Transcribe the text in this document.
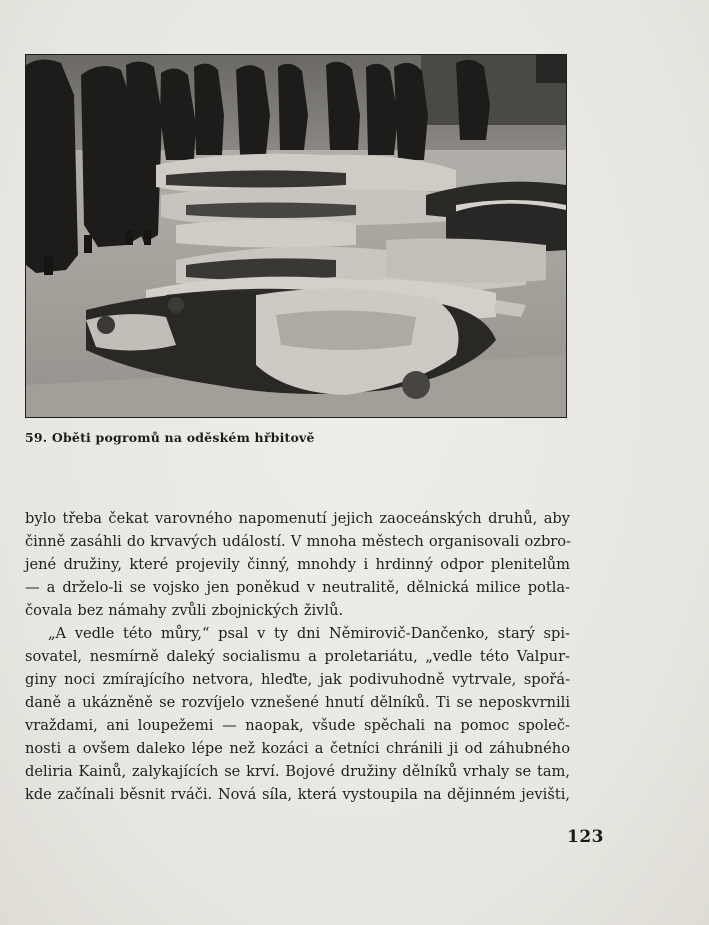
59. Oběti pogromů na oděském hřbitově

bylo třeba čekat varovného napomenutí jejich zaoceánských druhů, aby
činně zasáhli do krvavých událostí. V mnoha městech organisovali ozbro-
jené družiny, které projevily činný, mnohdy i hrdinný odpor plenitelům
— a drželo-li se vojsko jen poněkud v neutralitě, dělnická milice potla-
čovala bez námahy zvůli zbojnických živlů.

„A vedle této můry,“ psal v ty dni Němirovič-Dančenko, starý spi-
sovatel, nesmírně daleký socialismu a proletariátu, „vedle této Valpur-
giny noci zmírajícího netvora, hleďte, jak podivuhodně vytrvale, spořá-
daně a ukázněně se rozvíjelo vznešené hnutí dělníků. Ti se neposkvrnili
vraždami, ani loupežemi — naopak, všude spěchali na pomoc společ-
nosti a ovšem daleko lépe než kozáci a četníci chránili ji od záhubného
deliria Kainů, zalykajících se krví. Bojové družiny dělníků vrhaly se tam,
kde začínali běsnit rváči. Nová síla, která vystoupila na dějinném jevišti,

123
